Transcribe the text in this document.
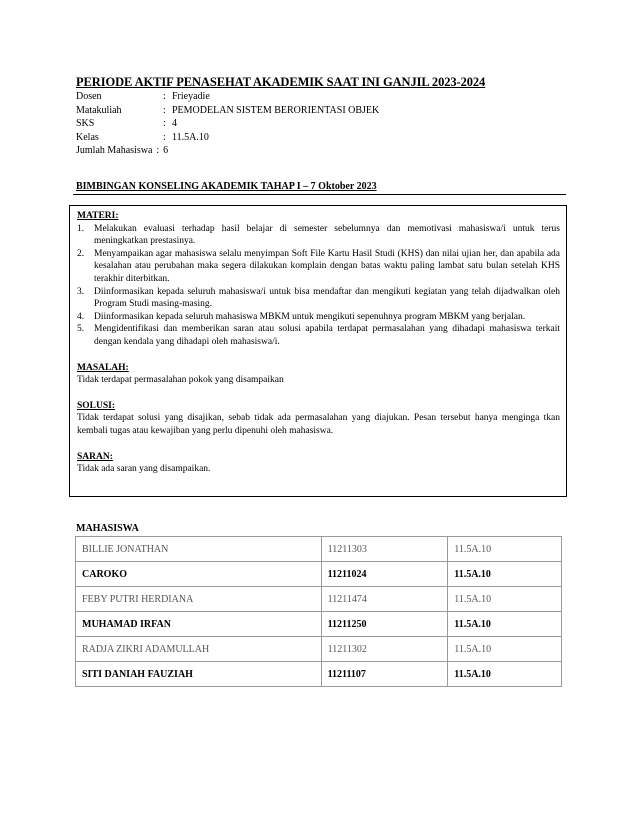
PERIODE AKTIF PENASEHAT AKADEMIK SAAT INI GANJIL 2023-2024
Dosen	: Frieyadie
Matakuliah	: PEMODELAN SISTEM BERORIENTASI OBJEK
SKS	: 4
Kelas	: 11.5A.10
Jumlah Mahasiswa : 6
BIMBINGAN KONSELING AKADEMIK TAHAP I – 7 Oktober 2023
MATERI:
1.	Melakukan evaluasi terhadap hasil belajar di semester sebelumnya dan memotivasi mahasiswa/i untuk terus meningkatkan prestasinya.
2.	Menyampaikan agar mahasiswa selalu menyimpan Soft File Kartu Hasil Studi (KHS) dan nilai ujian her, dan apabila ada kesalahan atau perubahan maka segera dilakukan komplain dengan batas waktu paling lambat satu bulan setelah KHS terakhir diterbitkan.
3.	Diinformasikan kepada seluruh mahasiswa/i untuk bisa mendaftar dan mengikuti kegiatan yang telah dijadwalkan oleh Program Studi masing-masing.
4.	Diinformasikan kepada seluruh mahasiswa MBKM untuk mengikuti sepenuhnya program MBKM yang berjalan.
5.	Mengidentifikasi dan memberikan saran atau solusi apabila terdapat permasalahan yang dihadapi mahasiswa terkait dengan kendala yang dihadapi oleh mahasiswa/i.
MASALAH:
Tidak terdapat permasalahan pokok yang disampaikan
SOLUSI:
Tidak terdapat solusi yang disajikan, sebab tidak ada permasalahan yang diajukan. Pesan tersebut hanya menginga tkan kembali tugas atau kewajiban yang perlu dipenuhi oleh mahasiswa.
SARAN:
Tidak ada saran yang disampaikan.
MAHASISWA
BILLIE JONATHAN	11211303	11.5A.10
CAROKO	11211024	11.5A.10
FEBY PUTRI HERDIANA	11211474	11.5A.10
MUHAMAD IRFAN	11211250	11.5A.10
RADJA ZIKRI ADAMULLAH	11211302	11.5A.10
SITI DANIAH FAUZIAH	11211107	11.5A.10
